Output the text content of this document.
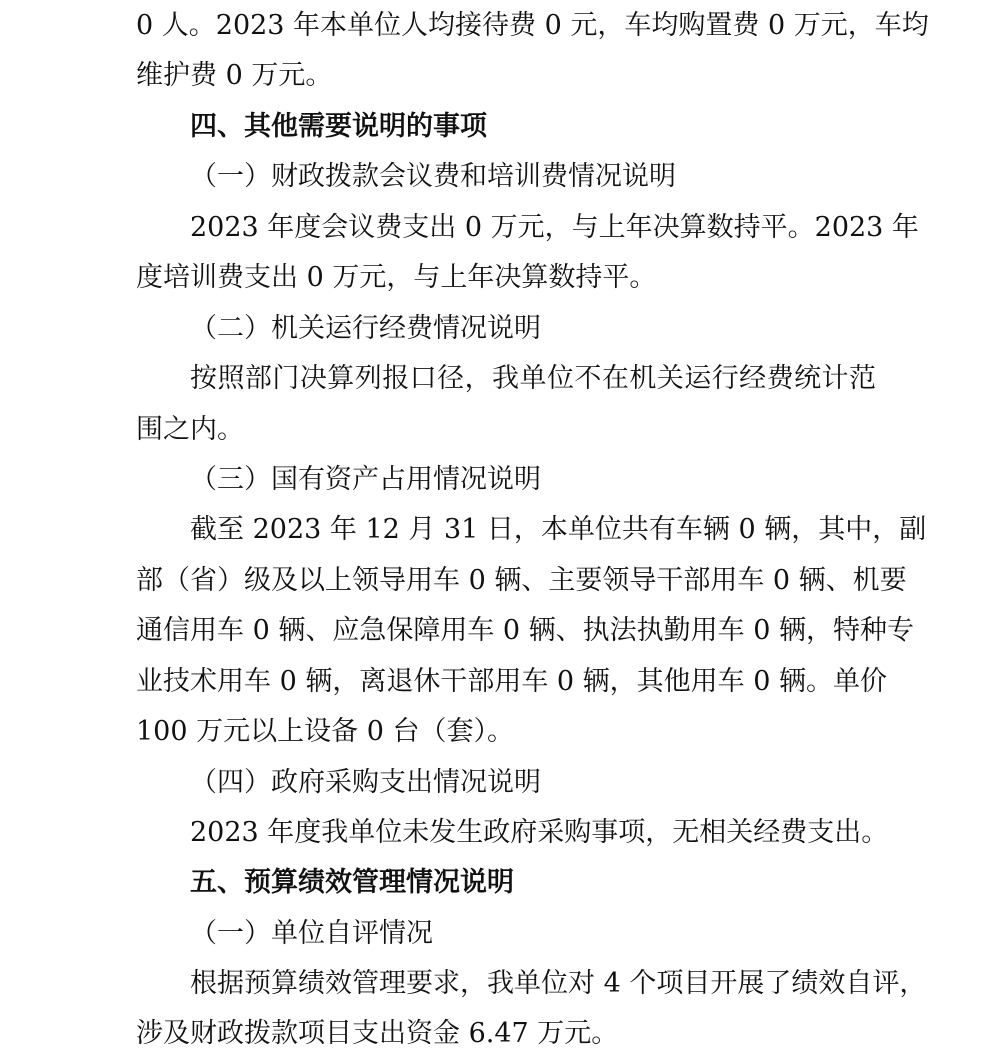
0 人。2023 年本单位人均接待费 0 元，车均购置费 0 万元，车均
维护费 0 万元。
四、其他需要说明的事项
（一）财政拨款会议费和培训费情况说明
2023 年度会议费支出 0 万元，与上年决算数持平。2023 年
度培训费支出 0 万元，与上年决算数持平。
（二）机关运行经费情况说明
按照部门决算列报口径，我单位不在机关运行经费统计范
围之内。
（三）国有资产占用情况说明
截至 2023 年 12 月 31 日，本单位共有车辆 0 辆，其中，副
部（省）级及以上领导用车 0 辆、主要领导干部用车 0 辆、机要
通信用车 0 辆、应急保障用车 0 辆、执法执勤用车 0 辆，特种专
业技术用车 0 辆，离退休干部用车 0 辆，其他用车 0 辆。单价
100 万元以上设备 0 台（套）。
（四）政府采购支出情况说明
2023 年度我单位未发生政府采购事项，无相关经费支出。
五、预算绩效管理情况说明
（一）单位自评情况
根据预算绩效管理要求，我单位对 4 个项目开展了绩效自评，
涉及财政拨款项目支出资金 6.47 万元。
